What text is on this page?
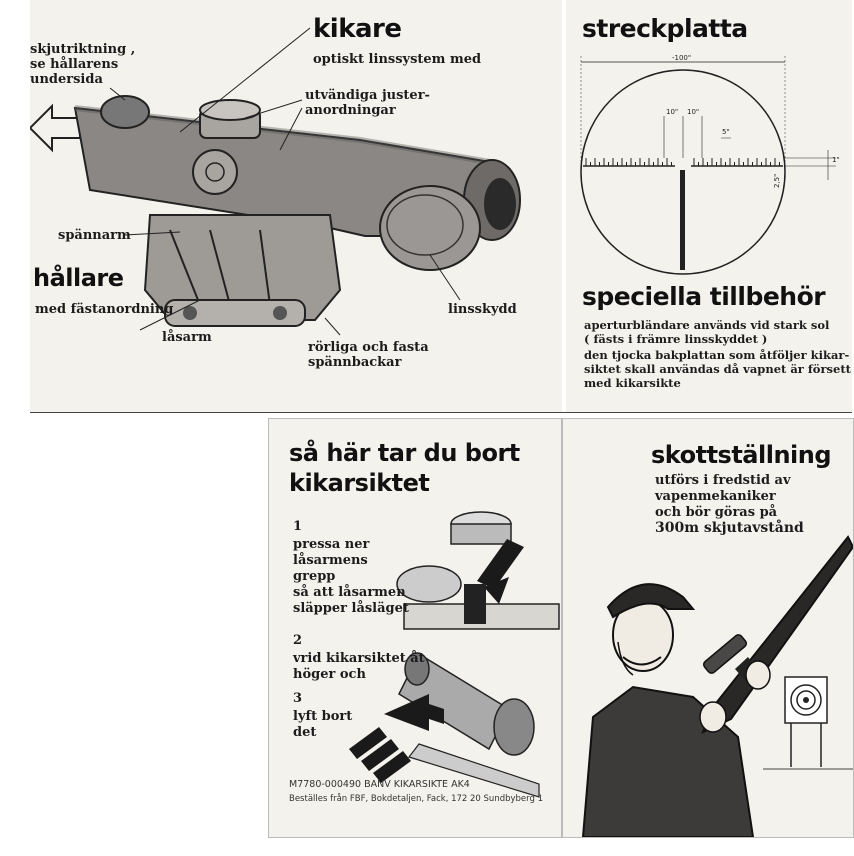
kikare
optiskt linssystem med
utvändiga juster-
anordningar
skjutriktning ,
se hållarens
undersida
spännarm
hållare
med fästanordning
låsarm
rörliga och fasta
spännbackar
linsskydd
streckplatta
-100"
10" 10"
5"
1"
2,5"
speciella tillbehör
aperturbländare används vid stark sol
( fästs i främre linsskyddet )
den tjocka bakplattan som åtföljer kikar-
siktet skall användas då vapnet är försett
med kikarsikte
så här tar du bort
kikarsiktet
1
pressa ner
låsarmens
grepp
så att låsarmen
släpper låsläget
2
vrid kikarsiktet åt
höger och
3
lyft bort
det
M7780-000490 BANV KIKARSIKTE AK4
Beställes från FBF, Bokdetaljen, Fack, 172 20 Sundbyberg 1
skottställning
utförs i fredstid av
vapenmekaniker
och bör göras på
300m skjutavstånd
